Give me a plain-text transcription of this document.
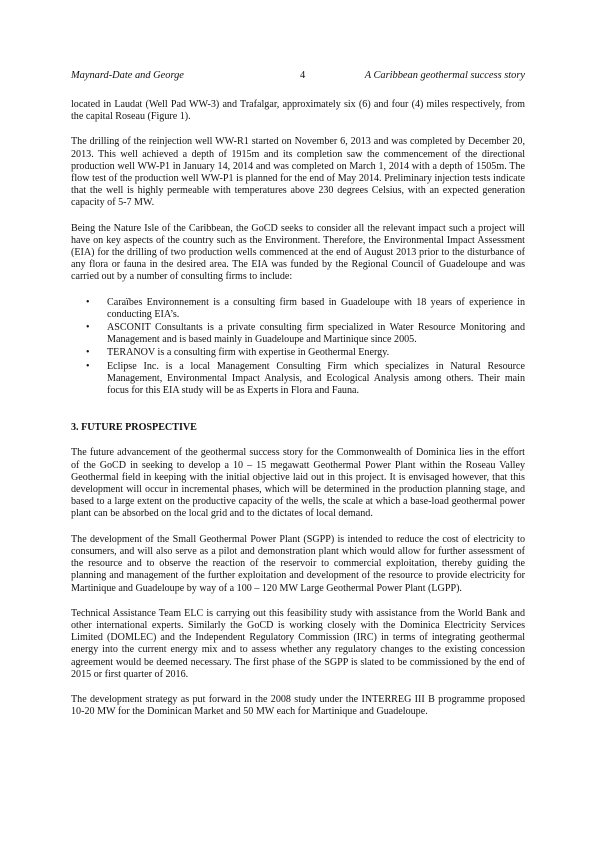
Maynard-Date and George	4	A Caribbean geothermal success story

located in Laudat (Well Pad WW-3) and Trafalgar, approximately six (6) and four (4) miles respectively, from the capital Roseau (Figure 1).

The drilling of the reinjection well WW-R1 started on November 6, 2013 and was completed by December 20, 2013. This well achieved a depth of 1915m and its completion saw the commencement of the directional production well WW-P1 in January 14, 2014 and was completed on March 1, 2014 with a depth of 1505m. The flow test of the production well WW-P1 is planned for the end of May 2014. Preliminary injection tests indicate that the well is highly permeable with temperatures above 230 degrees Celsius, with an expected generation capacity of 5-7 MW.

Being the Nature Isle of the Caribbean, the GoCD seeks to consider all the relevant impact such a project will have on key aspects of the country such as the Environment. Therefore, the Environmental Impact Assessment (EIA) for the drilling of two production wells commenced at the end of August 2013 prior to the disturbance of any flora or fauna in the desired area. The EIA was funded by the Regional Council of Guadeloupe and was carried out by a number of consulting firms to include:

• Caraïbes Environnement is a consulting firm based in Guadeloupe with 18 years of experience in conducting EIA’s.
• ASCONIT Consultants is a private consulting firm specialized in Water Resource Monitoring and Management and is based mainly in Guadeloupe and Martinique since 2005.
• TERANOV is a consulting firm with expertise in Geothermal Energy.
• Eclipse Inc. is a local Management Consulting Firm which specializes in Natural Resource Management, Environmental Impact Analysis, and Ecological Analysis among others. Their main focus for this EIA study will be as Experts in Flora and Fauna.
3. FUTURE PROSPECTIVE

The future advancement of the geothermal success story for the Commonwealth of Dominica lies in the effort of the GoCD in seeking to develop a 10 – 15 megawatt Geothermal Power Plant within the Roseau Valley Geothermal field in keeping with the initial objective laid out in this project. It is envisaged however, that this development will occur in incremental phases, which will be determined in the production planning stage, and based to a large extent on the productive capacity of the wells, the scale at which a base-load geothermal power plant can be absorbed on the local grid and to the dictates of local demand.

The development of the Small Geothermal Power Plant (SGPP) is intended to reduce the cost of electricity to consumers, and will also serve as a pilot and demonstration plant which would allow for further assessment of the resource and to observe the reaction of the reservoir to commercial exploitation, thereby guiding the planning and management of the further exploitation and development of the resource to provide electricity for Martinique and Guadeloupe by way of a 100 – 120 MW Large Geothermal Power Plant (LGPP).

Technical Assistance Team ELC is carrying out this feasibility study with assistance from the World Bank and other international experts. Similarly the GoCD is working closely with the Dominica Electricity Services Limited (DOMLEC) and the Independent Regulatory Commission (IRC) in terms of integrating geothermal energy into the current energy mix and to assess whether any regulatory changes to the existing concession agreement would be deemed necessary. The first phase of the SGPP is slated to be commissioned by the end of 2015 or first quarter of 2016.

The development strategy as put forward in the 2008 study under the INTERREG III B programme proposed 10-20 MW for the Dominican Market and 50 MW each for Martinique and Guadeloupe.
